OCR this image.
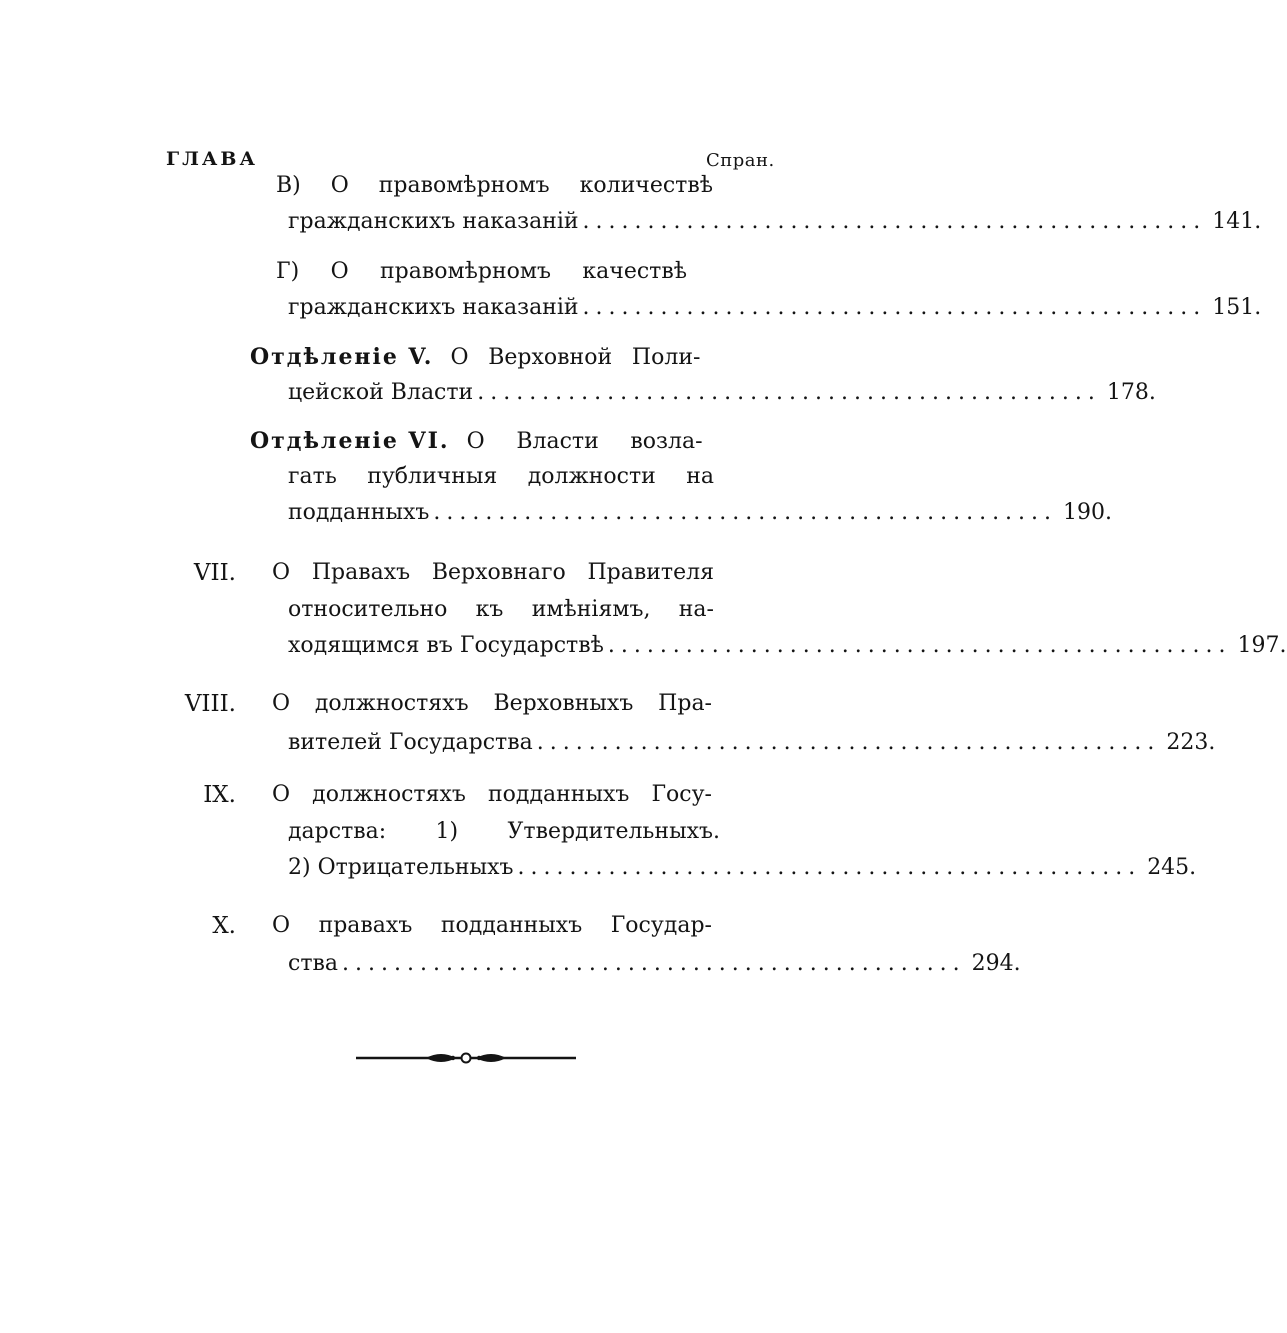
ГЛАВА	Спран.
В) О правомѣрномъ количествѣ
гражданскихъ наказаній ................................................ 141.
Г) О правомѣрномъ качествѣ
гражданскихъ наказаній ................................................ 151.
Отдѣленіе V. О Верховной Поли-
цейской Власти ................................................ 178.
Отдѣленіе VI. О Власти возла-
гать публичныя должности на
подданныхъ ................................................ 190.
VII. О Правахъ Верховнаго Правителя
относительно къ имѣніямъ, на-
ходящимся въ Государствѣ ................................................ 197.
VIII. О должностяхъ Верховныхъ Пра-
вителей Государства ................................................ 223.
IX. О должностяхъ подданныхъ Госу-
дарства: 1) Утвердительныхъ.
2) Отрицательныхъ ................................................ 245.
X. О правахъ подданныхъ Государ-
ства ................................................ 294.
